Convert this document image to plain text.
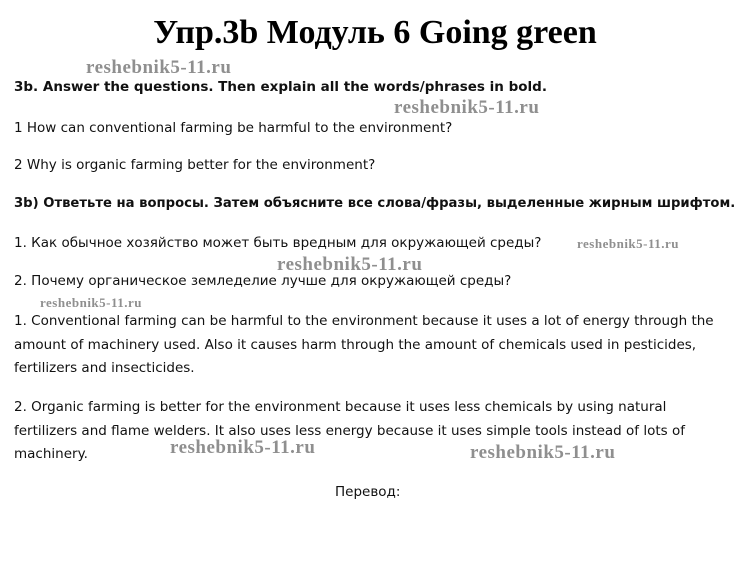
Упр.3b Модуль 6 Going green
3b. Answer the questions. Then explain all the words/phrases in bold.
1 How can conventional farming be harmful to the environment?
2 Why is organic farming better for the environment?
3b) Ответьте на вопросы. Затем объясните все слова/фразы, выделенные жирным шрифтом.
1. Как обычное хозяйство может быть вредным для окружающей среды?
2. Почему органическое земледелие лучше для окружающей среды?
1. Conventional farming can be harmful to the environment because it uses a lot of energy through the amount of machinery used. Also it causes harm through the amount of chemicals used in pesticides, fertilizers and insecticides.
2. Organic farming is better for the environment because it uses less chemicals by using natural fertilizers and flame welders. It also uses less energy because it uses simple tools instead of lots of machinery.
Перевод:
reshebnik5-11.ru
reshebnik5-11.ru
reshebnik5-11.ru
reshebnik5-11.ru
reshebnik5-11.ru
reshebnik5-11.ru	reshebnik5-11.ru
